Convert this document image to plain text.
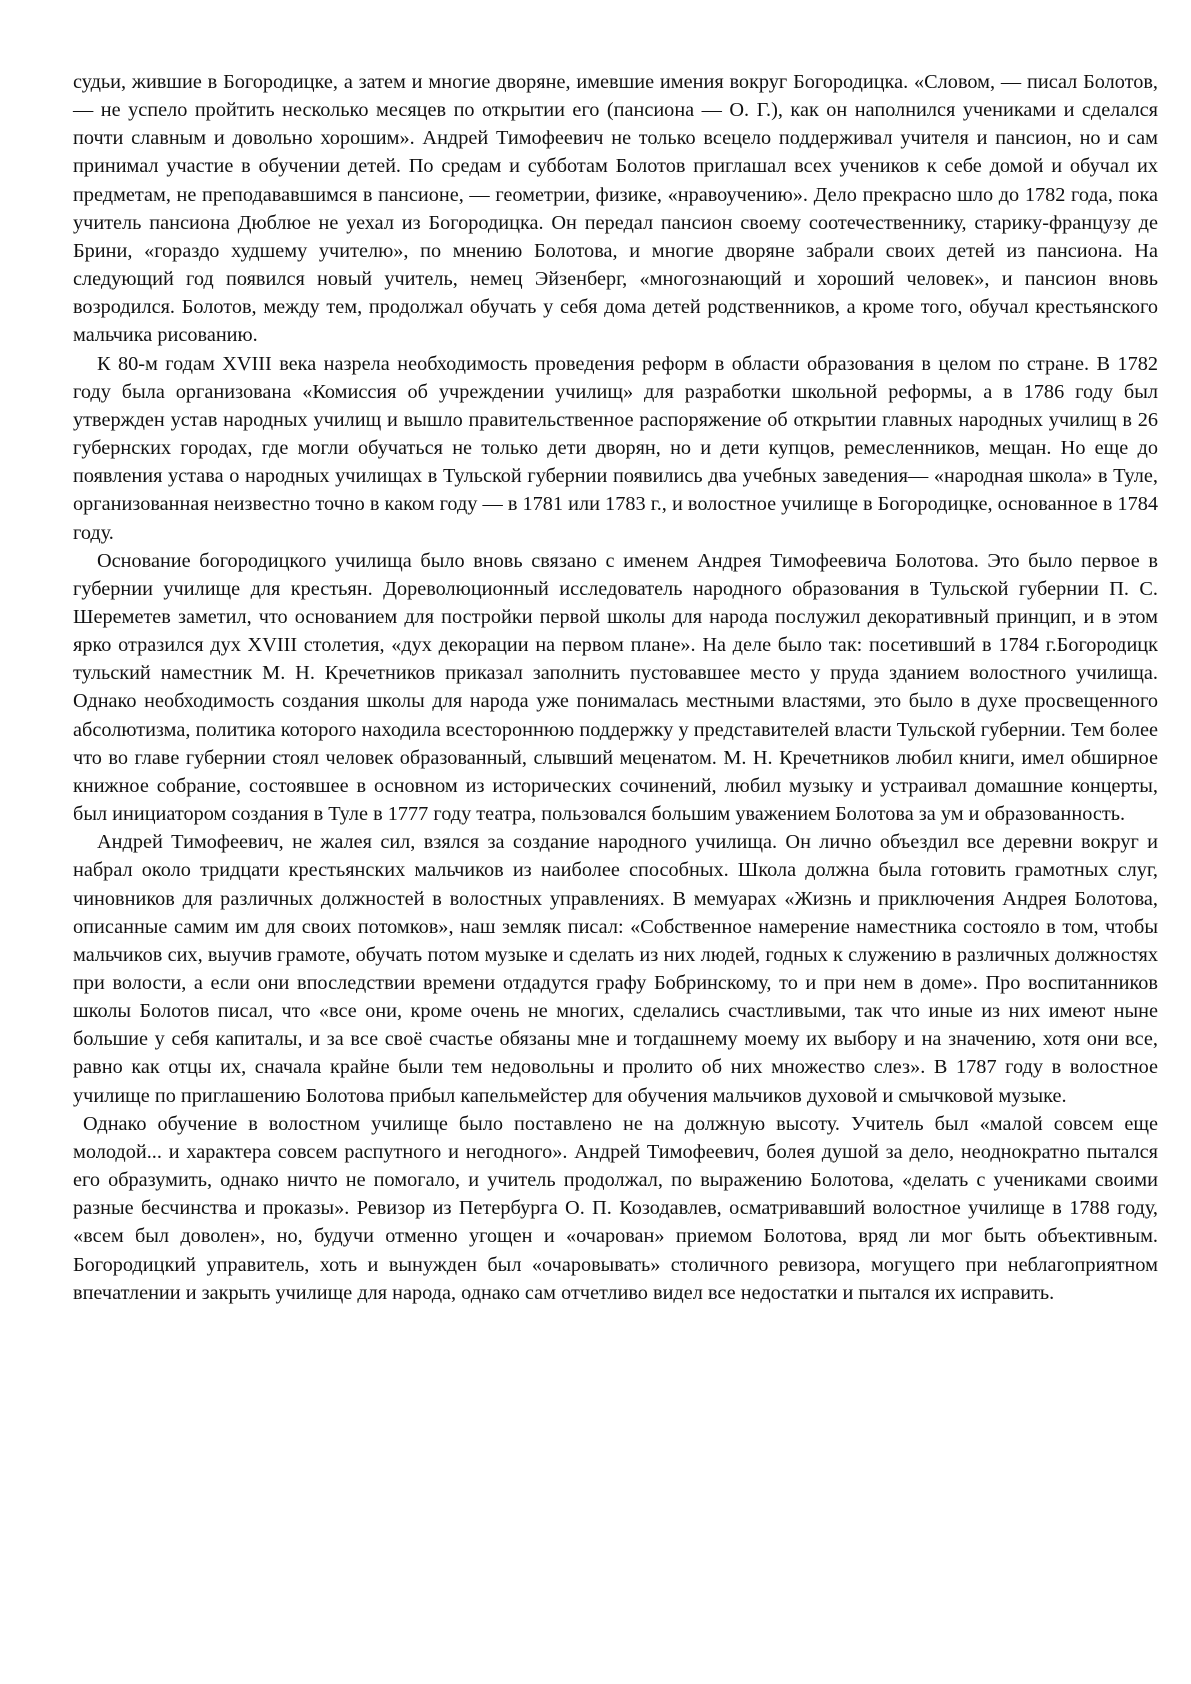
судьи, жившие в Богородицке, а затем и многие дворяне, имевшие имения вокруг Богородицка. «Словом, — писал Болотов, — не успело пройтить несколько месяцев по открытии его (пансиона — О. Г.), как он наполнился учениками и сделался почти славным и довольно хорошим». Андрей Тимофеевич не только всецело поддерживал учителя и пансион, но и сам принимал участие в обучении детей. По средам и субботам Болотов приглашал всех учеников к себе домой и обучал их предметам, не преподававшимся в пансионе, — геометрии, физике, «нравоучению». Дело прекрасно шло до 1782 года, пока учитель пансиона Дюблюе не уехал из Богородицка. Он передал пансион своему соотечественнику, старику-французу де Брини, «гораздо худшему учителю», по мнению Болотова, и многие дворяне забрали своих детей из пансиона. На следующий год появился новый учитель, немец Эйзенберг, «многознающий и хороший человек», и пансион вновь возродился. Болотов, между тем, продолжал обучать у себя дома детей родственников, а кроме того, обучал крестьянского мальчика рисованию.

К 80-м годам XVIII века назрела необходимость проведения реформ в области образования в целом по стране. В 1782 году была организована «Комиссия об учреждении училищ» для разработки школьной реформы, а в 1786 году был утвержден устав народных училищ и вышло правительственное распоряжение об открытии главных народных училищ в 26 губернских городах, где могли обучаться не только дети дворян, но и дети купцов, ремесленников, мещан. Но еще до появления устава о народных училищах в Тульской губернии появились два учебных заведения— «народная школа» в Туле, организованная неизвестно точно в каком году — в 1781 или 1783 г., и волостное училище в Богородицке, основанное в 1784 году.

Основание богородицкого училища было вновь связано с именем Андрея Тимофеевича Болотова. Это было первое в губернии училище для крестьян. Дореволюционный исследователь народного образования в Тульской губернии П. С. Шереметев заметил, что основанием для постройки первой школы для народа послужил декоративный принцип, и в этом ярко отразился дух XVIII столетия, «дух декорации на первом плане». На деле было так: посетивший в 1784 г.Богородицк тульский наместник М. Н. Кречетников приказал заполнить пустовавшее место у пруда зданием волостного училища. Однако необходимость создания школы для народа уже понималась местными властями, это было в духе просвещенного абсолютизма, политика которого находила всестороннюю поддержку у представителей власти Тульской губернии. Тем более что во главе губернии стоял человек образованный, слывший меценатом. М. Н. Кречетников любил книги, имел обширное книжное собрание, состоявшее в основном из исторических сочинений, любил музыку и устраивал домашние концерты, был инициатором создания в Туле в 1777 году театра, пользовался большим уважением Болотова за ум и образованность.

Андрей Тимофеевич, не жалея сил, взялся за создание народного училища. Он лично объездил все деревни вокруг и набрал около тридцати крестьянских мальчиков из наиболее способных. Школа должна была готовить грамотных слуг, чиновников для различных должностей в волостных управлениях. В мемуарах «Жизнь и приключения Андрея Болотова, описанные самим им для своих потомков», наш земляк писал: «Собственное намерение наместника состояло в том, чтобы мальчиков сих, выучив грамоте, обучать потом музыке и сделать из них людей, годных к служению в различных должностях при волости, а если они впоследствии времени отдадутся графу Бобринскому, то и при нем в доме». Про воспитанников школы Болотов писал, что «все они, кроме очень не многих, сделались счастливыми, так что иные из них имеют ныне большие у себя капиталы, и за все своё счастье обязаны мне и тогдашнему моему их выбору и на значению, хотя они все, равно как отцы их, сначала крайне были тем недовольны и пролито об них множество слез». В 1787 году в волостное училище по приглашению Болотова прибыл капельмейстер для обучения мальчиков духовой и смычковой музыке.

Однако обучение в волостном училище было поставлено не на должную высоту. Учитель был «малой совсем еще молодой... и характера совсем распутного и негодного». Андрей Тимофеевич, болея душой за дело, неоднократно пытался его образумить, однако ничто не помогало, и учитель продолжал, по выражению Болотова, «делать с учениками своими разные бесчинства и проказы». Ревизор из Петербурга О. П. Козодавлев, осматривавший волостное училище в 1788 году, «всем был доволен», но, будучи отменно угощен и «очарован» приемом Болотова, вряд ли мог быть объективным. Богородицкий управитель, хоть и вынужден был «очаровывать» столичного ревизора, могущего при неблагоприятном впечатлении и закрыть училище для народа, однако сам отчетливо видел все недостатки и пытался их исправить.
